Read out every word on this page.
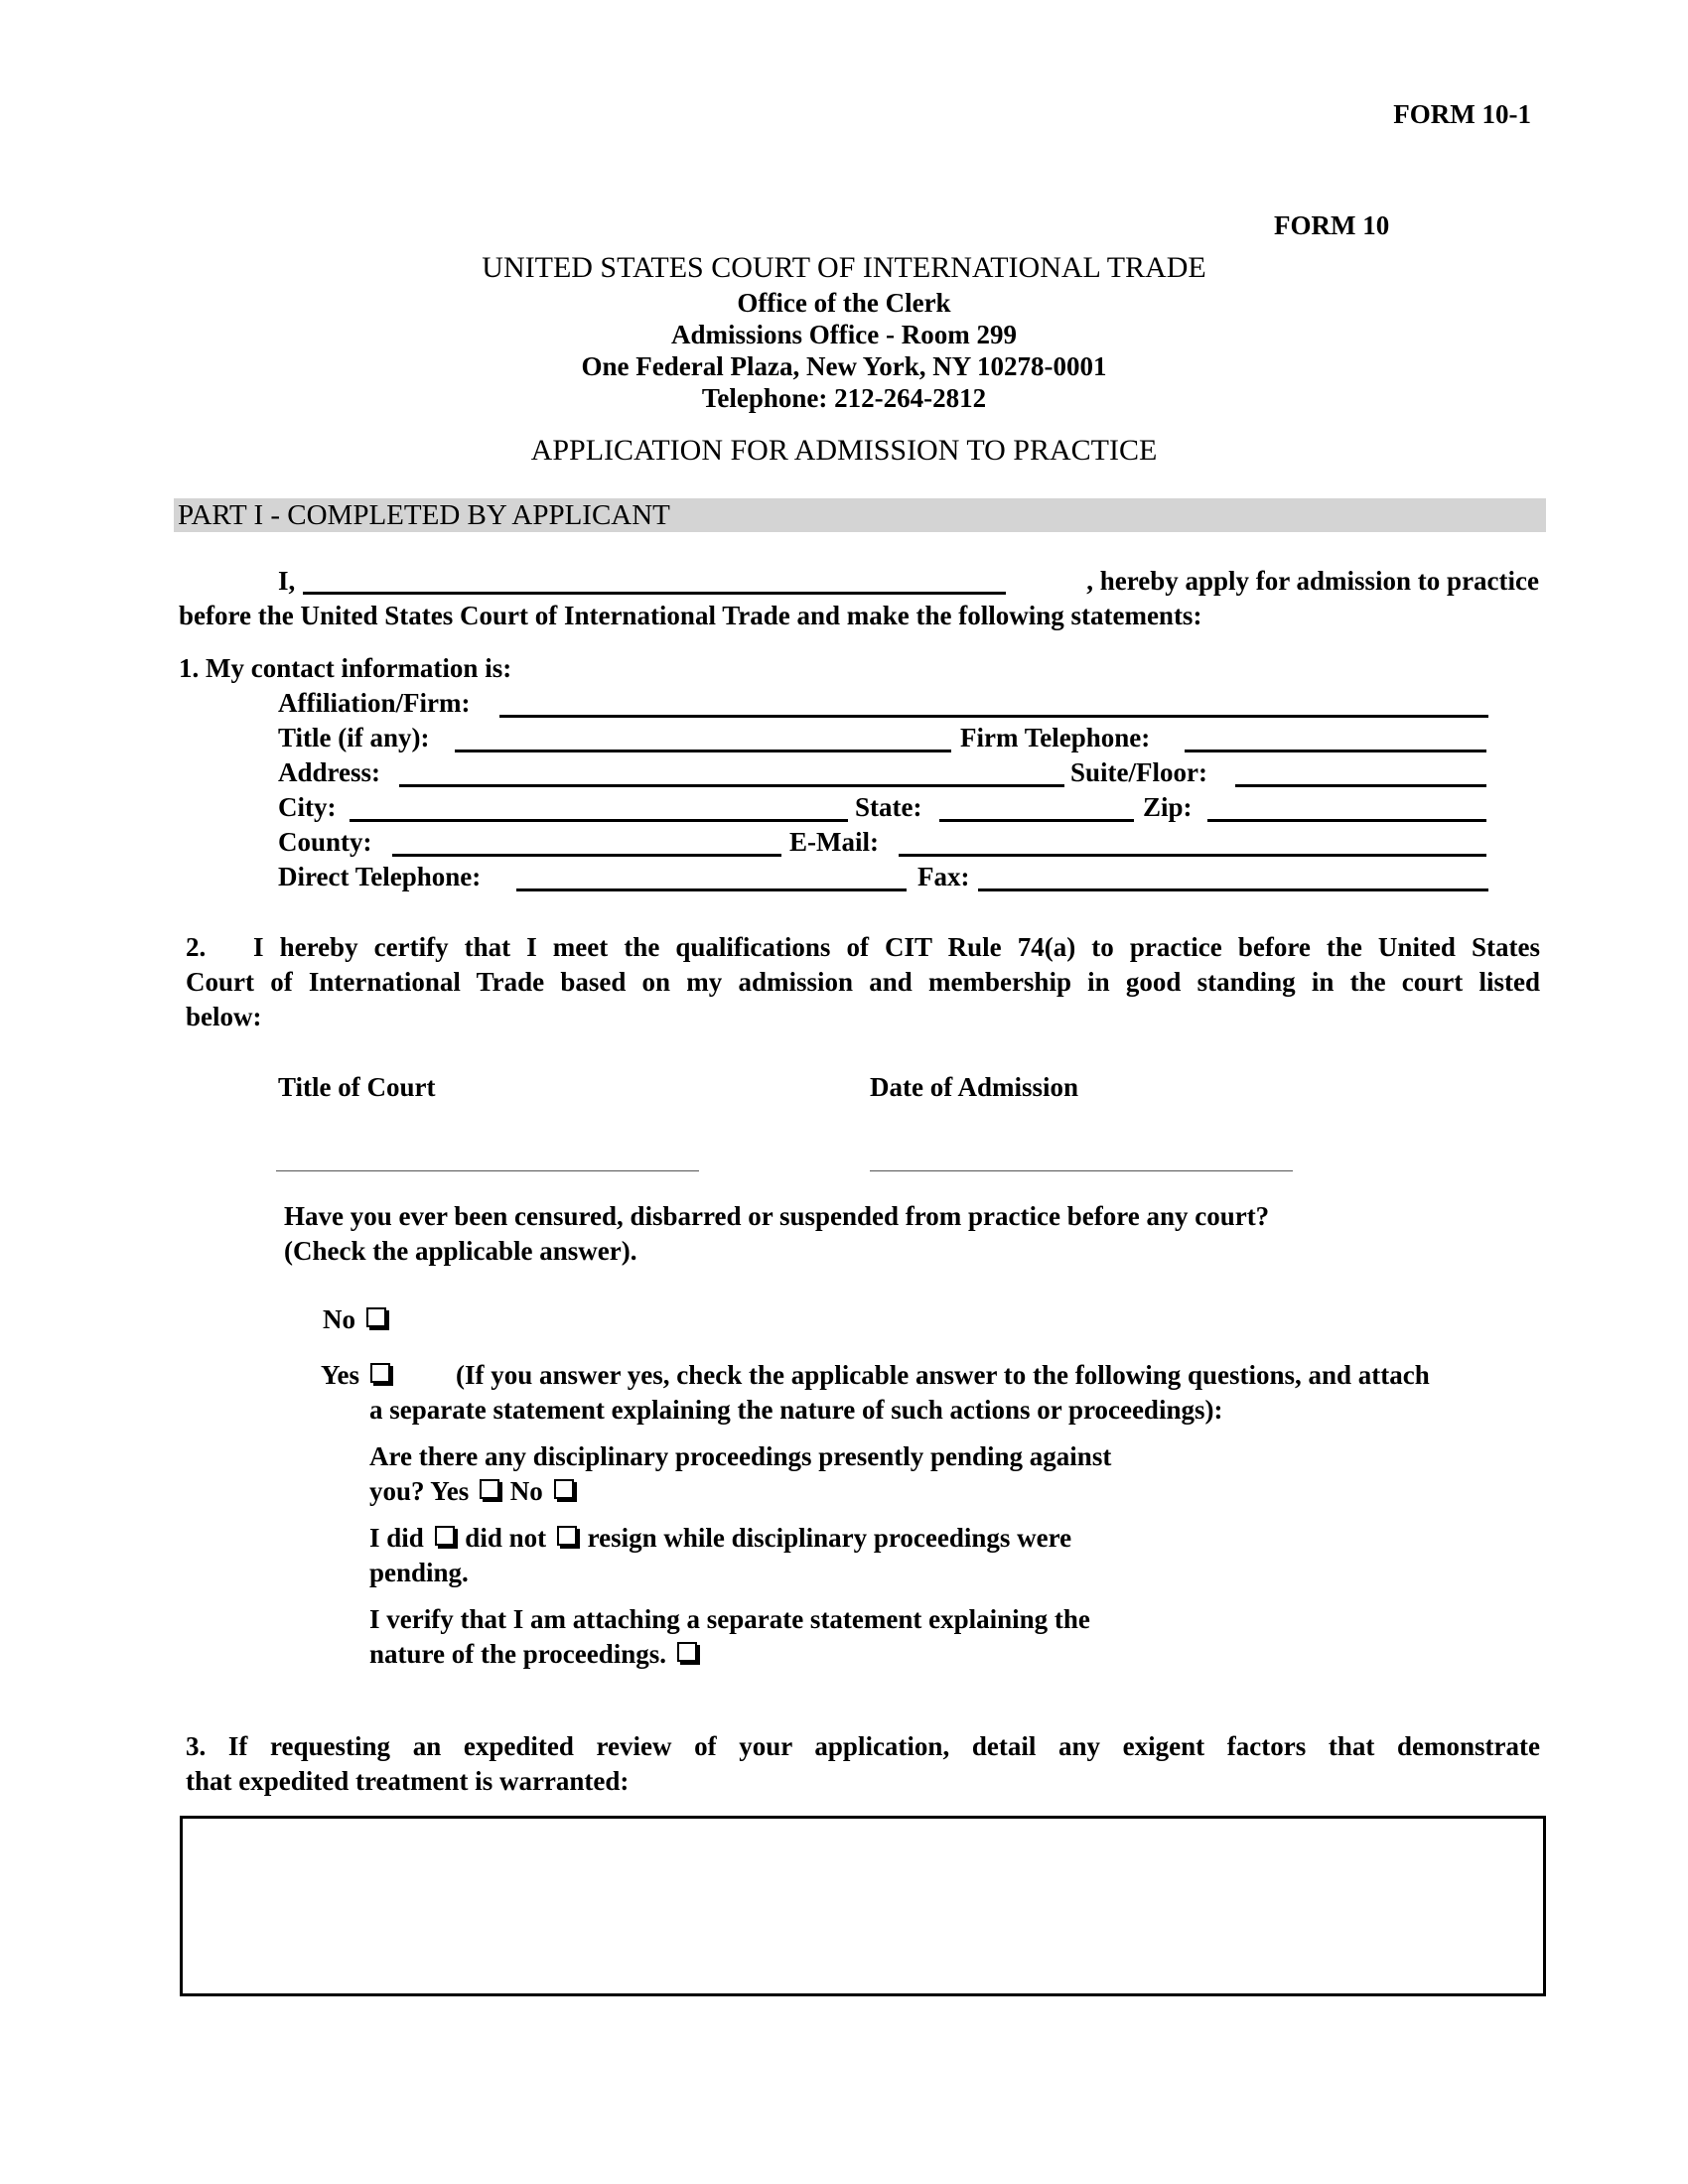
FORM 10-1
FORM 10
UNITED STATES COURT OF INTERNATIONAL TRADE
Office of the Clerk
Admissions Office - Room 299
One Federal Plaza, New York, NY 10278-0001
Telephone: 212-264-2812
APPLICATION FOR ADMISSION TO PRACTICE
PART I - COMPLETED BY APPLICANT
I,	, hereby apply for admission to practice
before the United States Court of International Trade and make the following statements:
1. My contact information is:
Affiliation/Firm:
Title (if any):	Firm Telephone:
Address:	Suite/Floor:
City:	State:	Zip:
County:	E-Mail:
Direct Telephone:	Fax:
2. I hereby certify that I meet the qualifications of CIT Rule 74(a) to practice before the United States
Court of International Trade based on my admission and membership in good standing in the court listed
below:
Title of Court	Date of Admission
Have you ever been censured, disbarred or suspended from practice before any court?
(Check the applicable answer).
No
Yes	(If you answer yes, check the applicable answer to the following questions, and attach
a separate statement explaining the nature of such actions or proceedings):
Are there any disciplinary proceedings presently pending against
you? Yes No
I did did not resign while disciplinary proceedings were
pending.
I verify that I am attaching a separate statement explaining the
nature of the proceedings.
3. If requesting an expedited review of your application, detail any exigent factors that demonstrate
that expedited treatment is warranted:
